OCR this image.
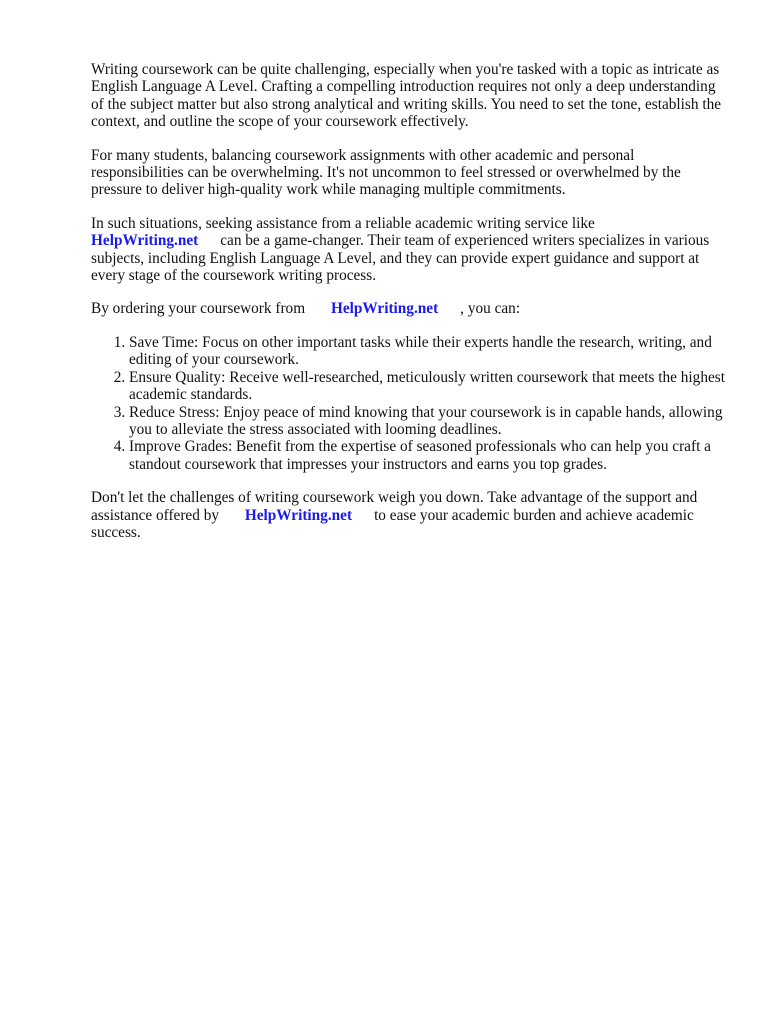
Writing coursework can be quite challenging, especially when you're tasked with a topic as intricate as English Language A Level. Crafting a compelling introduction requires not only a deep understanding of the subject matter but also strong analytical and writing skills. You need to set the tone, establish the context, and outline the scope of your coursework effectively.

For many students, balancing coursework assignments with other academic and personal responsibilities can be overwhelming. It's not uncommon to feel stressed or overwhelmed by the pressure to deliver high-quality work while managing multiple commitments.

In such situations, seeking assistance from a reliable academic writing service like
HelpWriting.net can be a game-changer. Their team of experienced writers specializes in various subjects, including English Language A Level, and they can provide expert guidance and support at every stage of the coursework writing process.

By ordering your coursework from HelpWriting.net , you can:

1. Save Time: Focus on other important tasks while their experts handle the research, writing, and editing of your coursework.
2. Ensure Quality: Receive well-researched, meticulously written coursework that meets the highest academic standards.
3. Reduce Stress: Enjoy peace of mind knowing that your coursework is in capable hands, allowing you to alleviate the stress associated with looming deadlines.
4. Improve Grades: Benefit from the expertise of seasoned professionals who can help you craft a standout coursework that impresses your instructors and earns you top grades.

Don't let the challenges of writing coursework weigh you down. Take advantage of the support and assistance offered by HelpWriting.net to ease your academic burden and achieve academic success.
